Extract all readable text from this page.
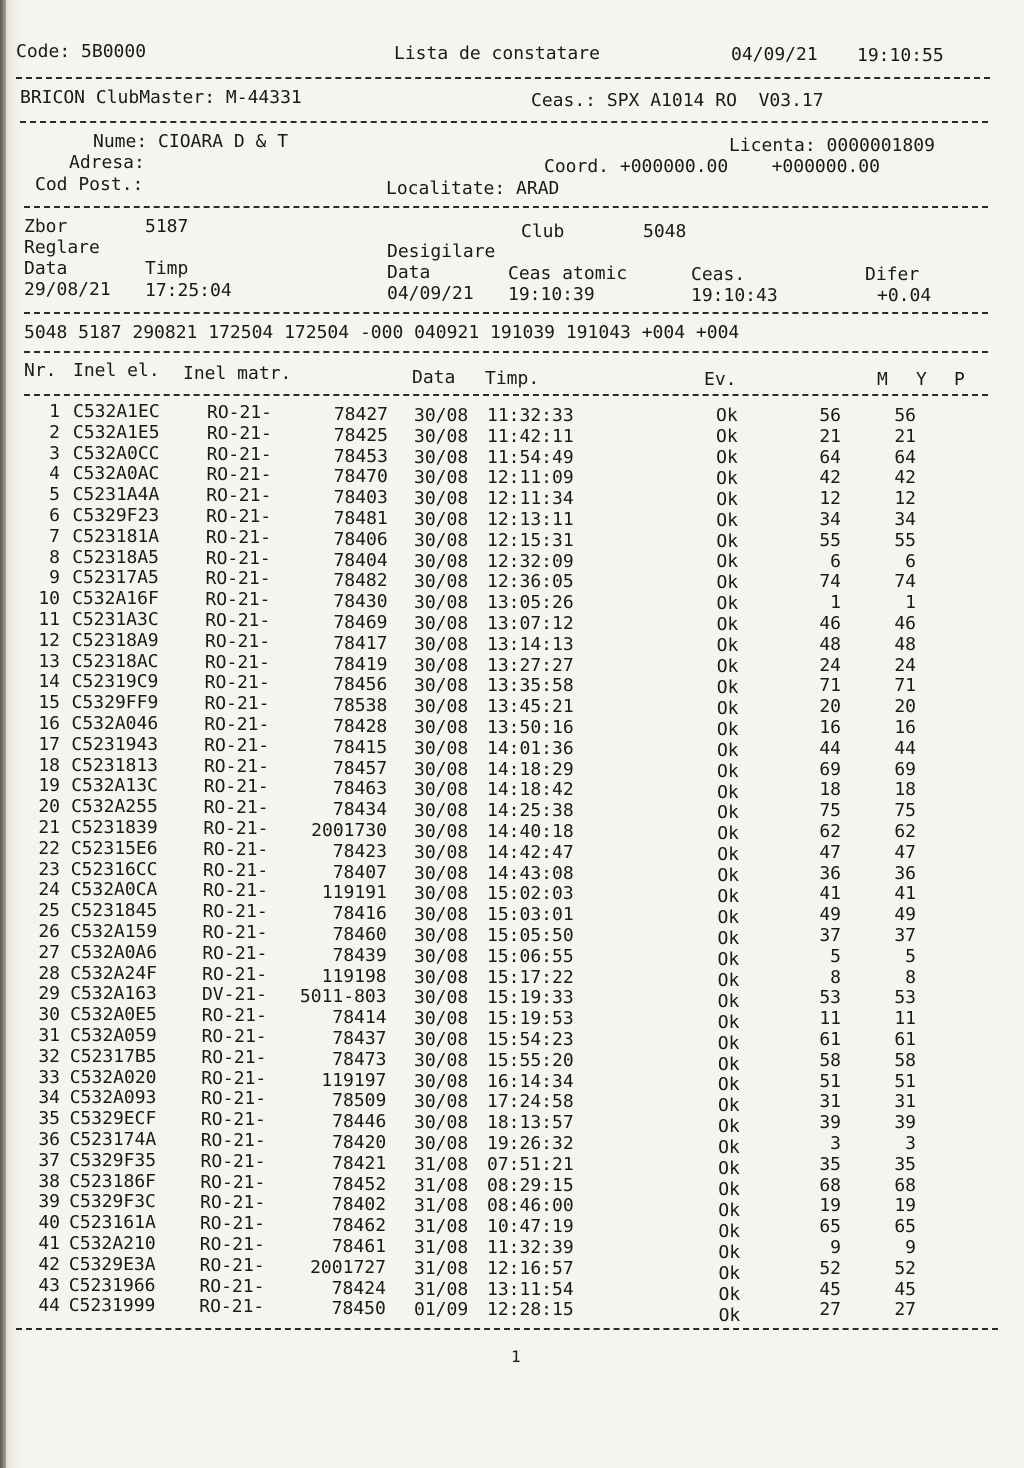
Code: 5B0000	Lista de constatare	04/09/21 19:10:55
BRICON ClubMaster: M-44331	Ceas.: SPX A1014 RO  V03.17
Nume: CIOARA D & T
Adresa:
Cod Post.:
Licenta: 0000001809
Coord. +000000.00    +000000.00
Localitate: ARAD
Zbor	5187	Club	5048
Reglare	Desigilare
Data	Timp	Data	Ceas atomic	Ceas.	Difer
29/08/21 17:25:04	04/09/21 19:10:39	19:10:43	+0.04
5048 5187 290821 172504 172504 -000 040921 191039 191043 +004 +004
Nr. Inel el. Inel matr.	Data Timp.	Ev.	M Y P
1 C532A1EC	RO-21-	78427 30/08 11:32:33	Ok	56	56
2 C532A1E5	RO-21-	78425 30/08 11:42:11	Ok	21	21
3 C532A0CC	RO-21-	78453 30/08 11:54:49	Ok	64	64
4 C532A0AC	RO-21-	78470 30/08 12:11:09	Ok	42	42
5 C5231A4A	RO-21-	78403 30/08 12:11:34	Ok	12	12
6 C5329F23	RO-21-	78481 30/08 12:13:11	Ok	34	34
7 C523181A	RO-21-	78406 30/08 12:15:31	Ok	55	55
8 C52318A5	RO-21-	78404 30/08 12:32:09	Ok	6	6
9 C52317A5	RO-21-	78482 30/08 12:36:05	Ok	74	74
10 C532A16F	RO-21-	78430 30/08 13:05:26	Ok	1	1
11 C5231A3C	RO-21-	78469 30/08 13:07:12	Ok	46	46
12 C52318A9	RO-21-	78417 30/08 13:14:13	Ok	48	48
13 C52318AC	RO-21-	78419 30/08 13:27:27	Ok	24	24
14 C52319C9	RO-21-	78456 30/08 13:35:58	Ok	71	71
15 C5329FF9	RO-21-	78538 30/08 13:45:21	Ok	20	20
16 C532A046	RO-21-	78428 30/08 13:50:16	Ok	16	16
17 C5231943	RO-21-	78415 30/08 14:01:36	Ok	44	44
18 C5231813	RO-21-	78457 30/08 14:18:29	Ok	69	69
19 C532A13C	RO-21-	78463 30/08 14:18:42	Ok	18	18
20 C532A255	RO-21-	78434 30/08 14:25:38	Ok	75	75
21 C5231839	RO-21- 2001730 30/08 14:40:18	Ok	62	62
22 C52315E6	RO-21-	78423 30/08 14:42:47	Ok	47	47
23 C52316CC	RO-21-	78407 30/08 14:43:08	Ok	36	36
24 C532A0CA	RO-21-	119191 30/08 15:02:03	Ok	41	41
25 C5231845	RO-21-	78416 30/08 15:03:01	Ok	49	49
26 C532A159	RO-21-	78460 30/08 15:05:50	Ok	37	37
27 C532A0A6	RO-21-	78439 30/08 15:06:55	Ok	5	5
28 C532A24F	RO-21-	119198 30/08 15:17:22	Ok	8	8
29 C532A163	DV-21- 5011-803 30/08 15:19:33	Ok	53	53
30 C532A0E5 RO-21-	78414 30/08 15:19:53	Ok	11	11
31 C532A059 RO-21-	78437 30/08 15:54:23	Ok	61	61
32 C52317B5 RO-21-	78473 30/08 15:55:20	Ok	58	58
33 C532A020 RO-21-	119197 30/08 16:14:34	Ok	51	51
34 C532A093 RO-21-	78509 30/08 17:24:58	Ok	31	31
35 C5329ECF RO-21-	78446 30/08 18:13:57	Ok	39	39
36 C523174A RO-21-	78420 30/08 19:26:32	Ok	3	3
37 C5329F35 RO-21-	78421 31/08 07:51:21	Ok	35	35
38 C523186F RO-21-	78452 31/08 08:29:15	Ok	68	68
39 C5329F3C RO-21-	78402 31/08 08:46:00	Ok	19	19
40 C523161A RO-21-	78462 31/08 10:47:19	Ok	65	65
41 C532A210 RO-21-	78461 31/08 11:32:39	Ok	9	9
42 C5329E3A RO-21-	2001727 31/08 12:16:57	Ok	52	52
43 C5231966 RO-21-	78424 31/08 13:11:54	Ok	45	45
44 C5231999 RO-21-	78450 01/09 12:28:15	Ok	27	27
1
